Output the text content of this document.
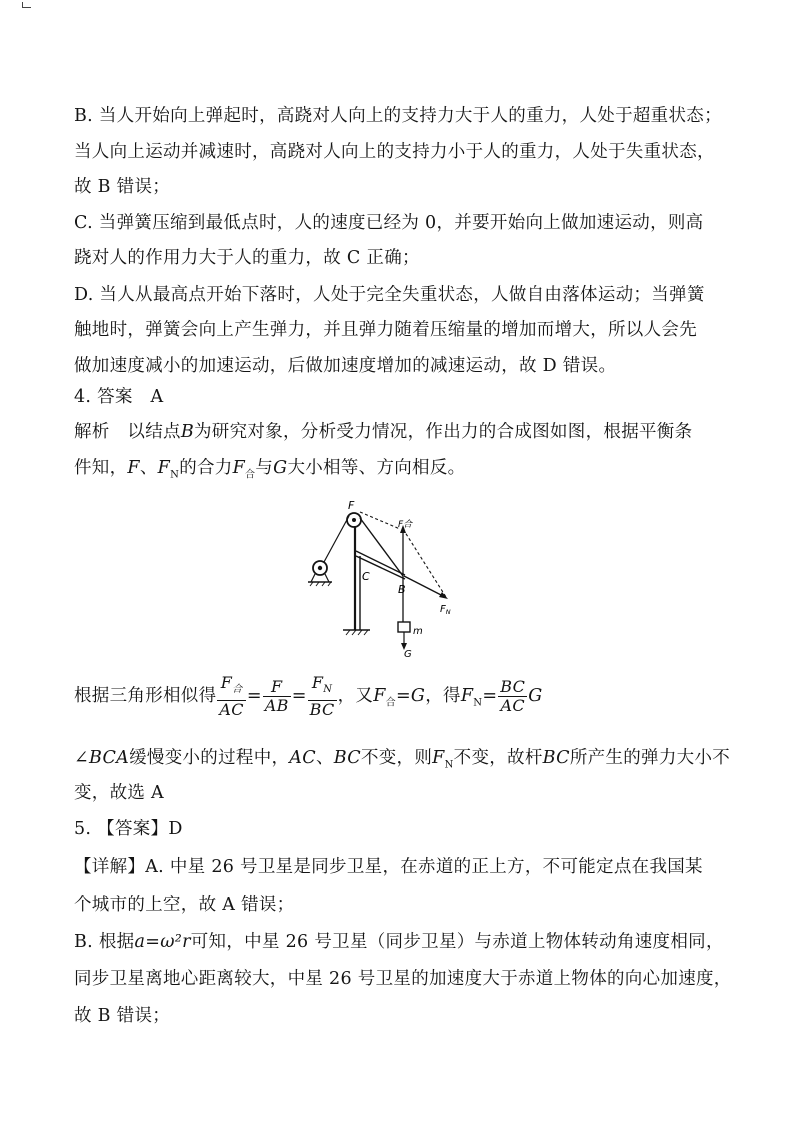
B. 当人开始向上弹起时，高跷对人向上的支持力大于人的重力，人处于超重状态；

当人向上运动并减速时，高跷对人向上的支持力小于人的重力，人处于失重状态，

故 B 错误；

C. 当弹簧压缩到最低点时，人的速度已经为 0，并要开始向上做加速运动，则高

跷对人的作用力大于人的重力，故 C 正确；

D. 当人从最高点开始下落时，人处于完全失重状态，人做自由落体运动；当弹簧

触地时，弹簧会向上产生弹力，并且弹力随着压缩量的增加而增大，所以人会先

做加速度减小的加速运动，后做加速度增加的减速运动，故 D 错误。

4. 答案　A

解析　 以结点B为研究对象，分析受力情况，作出力的合成图如图，根据平衡条

件知，F、$F_N$的合力$F_合$与G大小相等、方向相反。

F
F合
C
B
$F_N$
m
G
根据三角形相似得 $\frac{F_合}{AC} = \frac{F}{AB} = \frac{F_N}{BC}$ ，又$F_合=G$，得$F_N= \frac{BC}{AC}$ G

∠BCA缓慢变小的过程中，AC、BC不变，则$F_N$不变，故杆BC所产生的弹力大小不

变，故选 A

5. 【答案】D

【详解】A. 中星 26 号卫星是同步卫星，在赤道的正上方，不可能定点在我国某

个城市的上空，故 A 错误；

B. 根据a=ω²r可知，中星 26 号卫星（同步卫星）与赤道上物体转动角速度相同，

同步卫星离地心距离较大，中星 26 号卫星的加速度大于赤道上物体的向心加速度，

故 B 错误；
